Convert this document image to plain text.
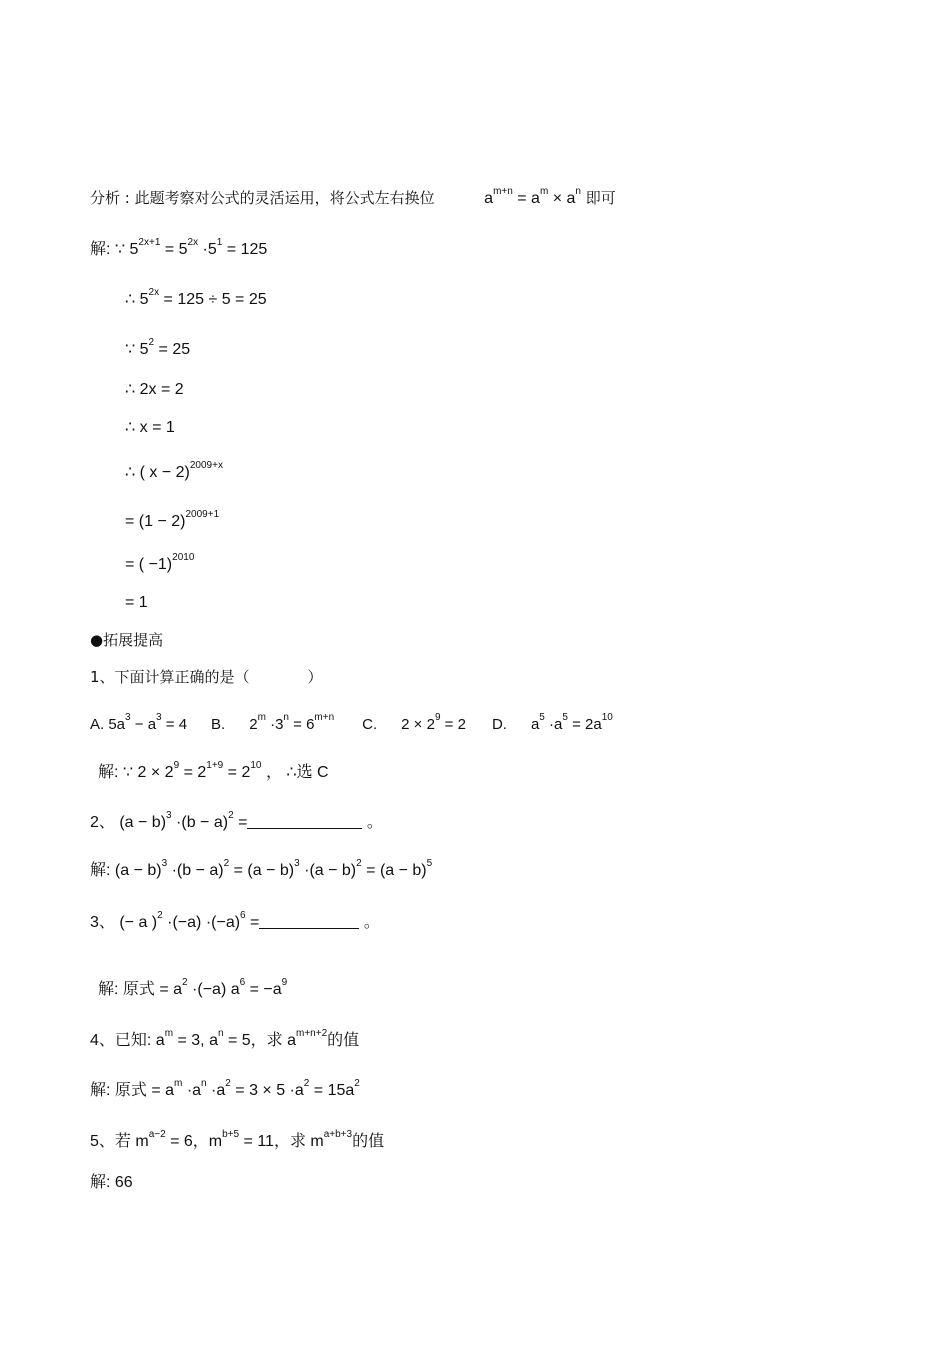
分析 : 此题考察对公式的灵活运用，将公式左右换位	$a^{m+n} = a^m \times a^n$ 即可
解: ∵ $5^{2x+1} = 5^{2x} \cdot 5^1 = 125$
∴ $5^{2x} = 125 \div 5 = 25$
∵ $5^2 = 25$
∴ 2x = 2
∴ x = 1
∴ ( x − 2)$^{2009+x}$
= $(1 - 2)^{2009+1}$
= ( −1)$^{2010}$
= 1
●拓展提高
1、下面计算正确的是（	）
A. $5a^3 - a^3 = 4$ B. $2^m \cdot 3^n = 6^{m+n}$ C. $2 \times 2^9 = 2$ D. $a^5 \cdot a^5 = 2a^{10}$
解: ∵ $2 \times 2^9 = 2^{1+9} = 2^{10}$ ， ∴选 C
2、 $(a - b)^3 \cdot(b - a)^2$ =	。
解: $(a - b)^3 \cdot(b - a)^2 = (a - b)^3 \cdot(a - b)^2 = (a - b)^5$
3、 (− a )$^2 \cdot(-a) \cdot(-a)^6$ =	。
解: 原式 = $a^2 \cdot(-a) a^6 = -a^9$
4、已知: $a^m = 3$, $a^n = 5$，求 $a^{m+n+2}$的值
解: 原式 = $a^m \cdot a^n \cdot a^2 = 3 \times 5 \cdot a^2 = 15a^2$
5、若 $m^{a-2} = 6$，$m^{b+5} = 11$，求 $m^{a+b+3}$的值
解: 66
